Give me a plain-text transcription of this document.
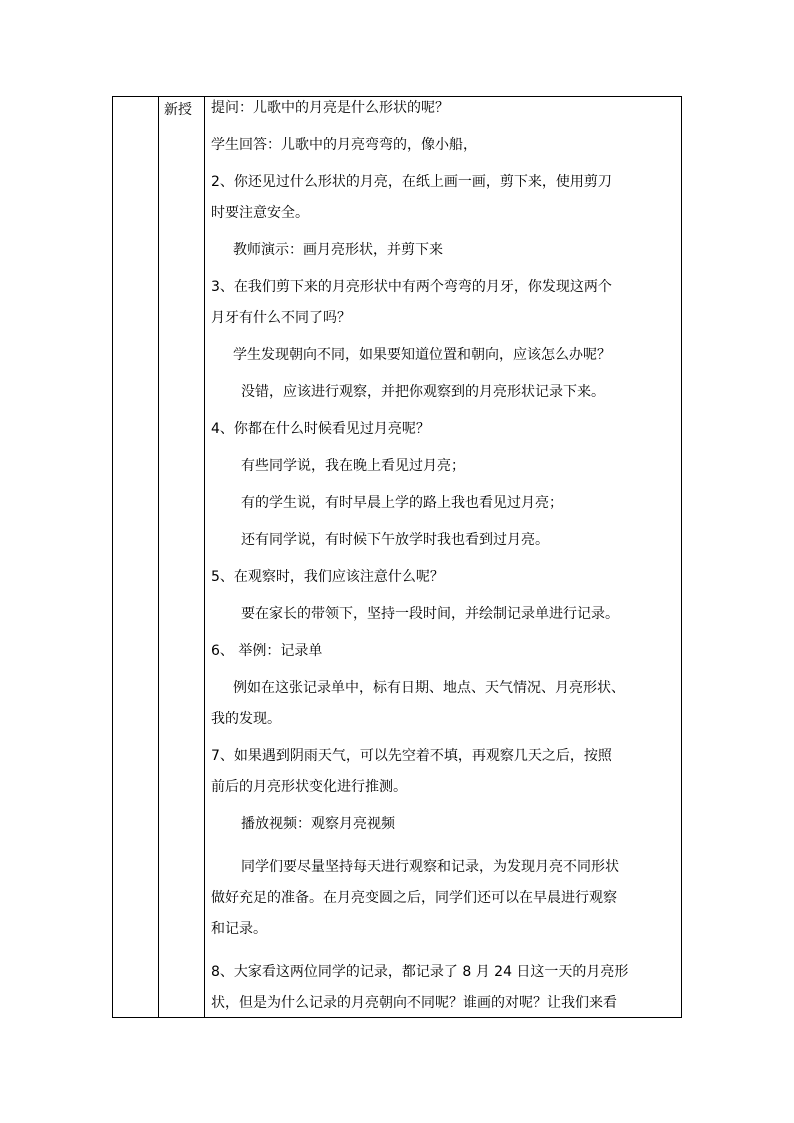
新授	提问：儿歌中的月亮是什么形状的呢？

学生回答：儿歌中的月亮弯弯的，像小船，

2、你还见过什么形状的月亮，在纸上画一画，剪下来，使用剪刀

时要注意安全。

教师演示：画月亮形状，并剪下来

3、在我们剪下来的月亮形状中有两个弯弯的月牙，你发现这两个

月牙有什么不同了吗？

学生发现朝向不同，如果要知道位置和朝向，应该怎么办呢？

没错，应该进行观察，并把你观察到的月亮形状记录下来。

4、你都在什么时候看见过月亮呢？

有些同学说，我在晚上看见过月亮；

有的学生说，有时早晨上学的路上我也看见过月亮；

还有同学说，有时候下午放学时我也看到过月亮。

5、在观察时，我们应该注意什么呢？

要在家长的带领下，坚持一段时间，并绘制记录单进行记录。

6、 举例：记录单

例如在这张记录单中，标有日期、地点、天气情况、月亮形状、

我的发现。

7、如果遇到阴雨天气，可以先空着不填，再观察几天之后，按照

前后的月亮形状变化进行推测。

播放视频：观察月亮视频

同学们要尽量坚持每天进行观察和记录，为发现月亮不同形状

做好充足的准备。在月亮变圆之后，同学们还可以在早晨进行观察

和记录。

8、大家看这两位同学的记录，都记录了 8 月 24 日这一天的月亮形

状，但是为什么记录的月亮朝向不同呢？谁画的对呢？让我们来看
